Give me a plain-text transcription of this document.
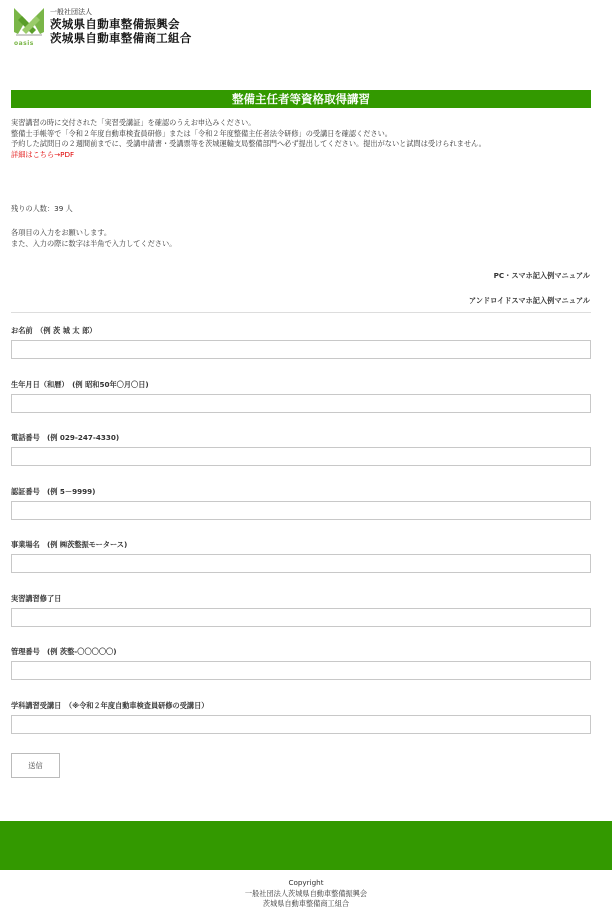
oasis
一般社団法人
茨城県自動車整備振興会
茨城県自動車整備商工組合
整備主任者等資格取得講習
実習講習の時に交付された「実習受講証」を確認のうえお申込みください。
整備士手帳等で「令和２年度自動車検査員研修」または「令和２年度整備主任者法令研修」の受講日を確認ください。
予約した試問日の２週間前までに、受講申請書・受講票等を茨城運輸支局整備部門へ必ず提出してください。提出がないと試問は受けられません。
詳細はこちら→PDF
残りの人数：39 人
各項目の入力をお願いします。
また、入力の際に数字は半角で入力してください。
PC・スマホ記入例マニュアル
アンドロイドスマホ記入例マニュアル
お名前　（例 茨 城 太 郎）
生年月日（和暦）　(例 昭和50年〇月〇日)
電話番号　(例 029-247-4330)
認証番号　(例 5－9999)
事業場名　(例 ㈱茨整振モータース)
実習講習修了日
管理番号　(例 茨整-〇〇〇〇〇)
学科講習受講日　（※令和２年度自動車検査員研修の受講日）
送信
Copyright
一般社団法人茨城県自動車整備振興会
茨城県自動車整備商工組合
